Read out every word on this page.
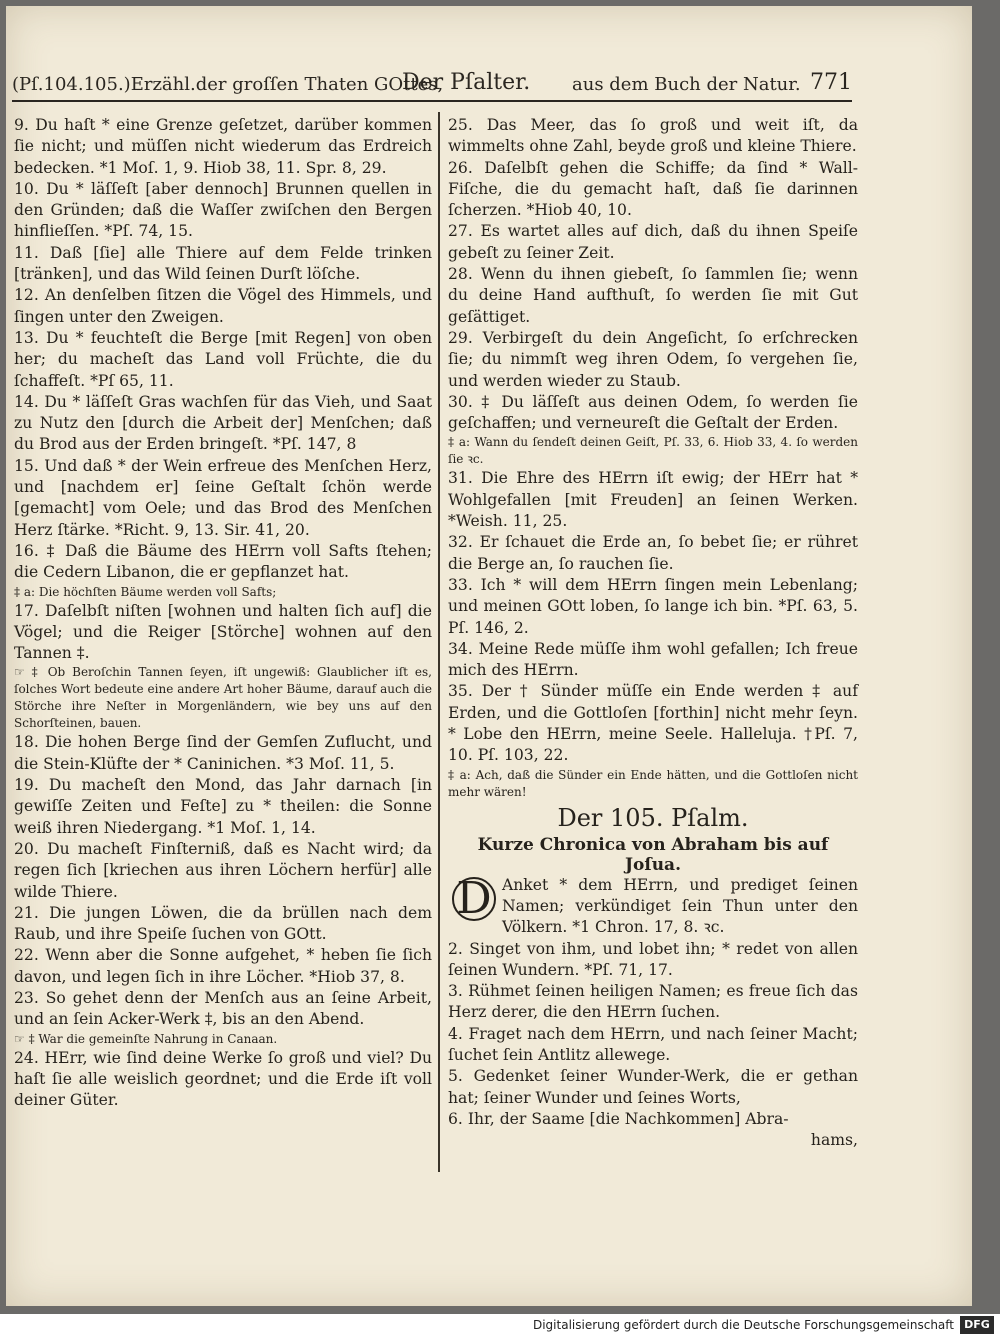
(Pſ.104.105.)Erzähl.der groſſen Thaten GOttes,
Der Pſalter. aus dem Buch der Natur. 771

9. Du haſt * eine Grenze geſetzet, darüber kommen ſie nicht; und müſſen nicht wiederum das Erdreich bedecken. *1 Moſ. 1, 9. Hiob 38, 11. Spr. 8, 29.

10. Du * läſſeſt [aber dennoch] Brunnen quellen in den Gründen; daß die Waſſer zwiſchen den Bergen hinflieſſen. *Pſ. 74, 15.

11. Daß [ſie] alle Thiere auf dem Felde trinken [tränken], und das Wild ſeinen Durſt löſche.

12. An denſelben ſitzen die Vögel des Himmels, und ſingen unter den Zweigen.

13. Du * feuchteſt die Berge [mit Regen] von oben her; du macheſt das Land voll Früchte, die du ſchaffeſt. *Pſ 65, 11.

14. Du * läſſeſt Gras wachſen für das Vieh, und Saat zu Nutz den [durch die Arbeit der] Menſchen; daß du Brod aus der Erden bringeſt. *Pſ. 147, 8

15. Und daß * der Wein erfreue des Menſchen Herz, und [nachdem er] ſeine Geſtalt ſchön werde [gemacht] vom Oele; und das Brod des Menſchen Herz ſtärke. *Richt. 9, 13. Sir. 41, 20.

16. ‡ Daß die Bäume des HErrn voll Safts ſtehen; die Cedern Libanon, die er gepflanzet hat.

‡ a: Die höchſten Bäume werden voll Safts;

17. Daſelbſt niſten [wohnen und halten ſich auf] die Vögel; und die Reiger [Störche] wohnen auf den Tannen ‡.

☞ ‡ Ob Beroſchin Tannen ſeyen, iſt ungewiß: Glaublicher iſt es, ſolches Wort bedeute eine andere Art hoher Bäume, darauf auch die Störche ihre Neſter in Morgenländern, wie bey uns auf den Schorſteinen, bauen.

18. Die hohen Berge ſind der Gemſen Zuflucht, und die Stein-Klüfte der * Caninichen. *3 Moſ. 11, 5.

19. Du macheſt den Mond, das Jahr darnach [in gewiſſe Zeiten und Feſte] zu * theilen: die Sonne weiß ihren Niedergang. *1 Moſ. 1, 14.

20. Du macheſt Finſterniß, daß es Nacht wird; da regen ſich [kriechen aus ihren Löchern herfür] alle wilde Thiere.

21. Die jungen Löwen, die da brüllen nach dem Raub, und ihre Speiſe ſuchen von GOtt.

22. Wenn aber die Sonne aufgehet, * heben ſie ſich davon, und legen ſich in ihre Löcher. *Hiob 37, 8.

23. So gehet denn der Menſch aus an ſeine Arbeit, und an ſein Acker-Werk ‡, bis an den Abend.

☞ ‡ War die gemeinſte Nahrung in Canaan.

24. HErr, wie ſind deine Werke ſo groß und viel? Du haſt ſie alle weislich geordnet; und die Erde iſt voll deiner Güter.

25. Das Meer, das ſo groß und weit iſt, da wimmelts ohne Zahl, beyde groß und kleine Thiere.

26. Daſelbſt gehen die Schiffe; da ſind * Wall-Fiſche, die du gemacht haſt, daß ſie darinnen ſcherzen. *Hiob 40, 10.

27. Es wartet alles auf dich, daß du ihnen Speiſe gebeſt zu ſeiner Zeit.

28. Wenn du ihnen giebeſt, ſo ſammlen ſie; wenn du deine Hand aufthuſt, ſo werden ſie mit Gut geſättiget.

29. Verbirgeſt du dein Angeſicht, ſo erſchrecken ſie; du nimmſt weg ihren Odem, ſo vergehen ſie, und werden wieder zu Staub.

30. ‡ Du läſſeſt aus deinen Odem, ſo werden ſie geſchaffen; und verneureſt die Geſtalt der Erden.

‡ a: Wann du ſendeſt deinen Geiſt, Pſ. 33, 6. Hiob 33, 4. ſo werden ſie ꝛc.

31. Die Ehre des HErrn iſt ewig; der HErr hat * Wohlgefallen [mit Freuden] an ſeinen Werken. *Weish. 11, 25.

32. Er ſchauet die Erde an, ſo bebet ſie; er rühret die Berge an, ſo rauchen ſie.

33. Ich * will dem HErrn ſingen mein Lebenlang; und meinen GOtt loben, ſo lange ich bin. *Pſ. 63, 5. Pſ. 146, 2.

34. Meine Rede müſſe ihm wohl gefallen; Ich freue mich des HErrn.

35. Der † Sünder müſſe ein Ende werden ‡ auf Erden, und die Gottloſen [forthin] nicht mehr ſeyn. * Lobe den HErrn, meine Seele. Halleluja. †Pſ. 7, 10. Pſ. 103, 22.

‡ a: Ach, daß die Sünder ein Ende hätten, und die Gottloſen nicht mehr wären!

Der 105. Pſalm.

Kurze Chronica von Abraham bis auf Joſua.

D Anket * dem HErrn, und prediget ſeinen Namen; verkündiget ſein Thun unter den Völkern. *1 Chron. 17, 8. ꝛc.

2. Singet von ihm, und lobet ihn; * redet von allen ſeinen Wundern. *Pſ. 71, 17.

3. Rühmet ſeinen heiligen Namen; es freue ſich das Herz derer, die den HErrn ſuchen.

4. Fraget nach dem HErrn, und nach ſeiner Macht; ſuchet ſein Antlitz allewege.

5. Gedenket ſeiner Wunder-Werk, die er gethan hat; ſeiner Wunder und ſeines Worts,

6. Ihr, der Saame [die Nachkommen] Abra-

hams,

Digitalisierung gefördert durch die Deutsche Forschungsgemeinschaft DFG
